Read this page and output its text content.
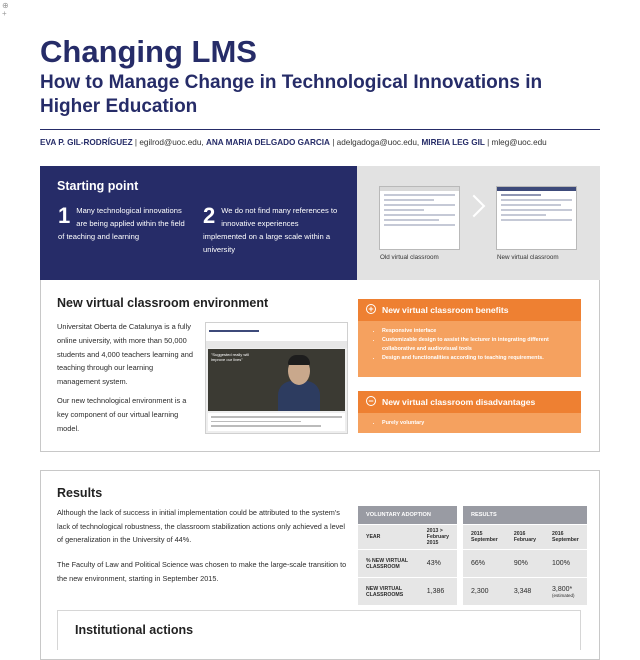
⊕
+
Changing LMS
How to Manage Change in Technological Innovations in Higher Education
EVA P. GIL-RODRÍGUEZ | egilrod@uoc.edu, ANA MARIA DELGADO GARCIA | adelgadoga@uoc.edu, MIREIA LEG GIL | mleg@uoc.edu
Starting point
1 Many technological innovations are being applied within the field of teaching and learning
2 We do not find many references to innovative experiences implemented on a large scale within a university
Old virtual classroom	New virtual classroom
New virtual classroom environment

Universitat Oberta de Catalunya is a fully online university, with more than 50,000 students and 4,000 teachers learning and teaching through our learning management system.

Our new technological environment is a key component of our virtual learning model.

"Suggested really will improve our lives"
+ New virtual classroom benefits
• Responsive interface
• Customizable design to assist the lecturer in integrating different collaborative and audiovisual tools
• Design and functionalities according to teaching requirements.
− New virtual classroom disadvantages
• Purely voluntary
Results

Although the lack of success in initial implementation could be attributed to the system's lack of technological robustness, the classroom stabilization actions only achieved a level of generalization in the University of 44%.

The Faculty of Law and Political Science was chosen to make the large-scale transition to the new environment, starting in September 2015.

VOLUNTARY ADOPTION	
YEAR	2013 > February 2015
% NEW VIRTUAL CLASSROOM	43%
NEW VIRTUAL CLASSROOMS	1,386
RESULTS		
2015 September	2016 February	2016 September
66%	90%	100%
2,300	3,348	3,800*
(estimated)
Institutional actions
